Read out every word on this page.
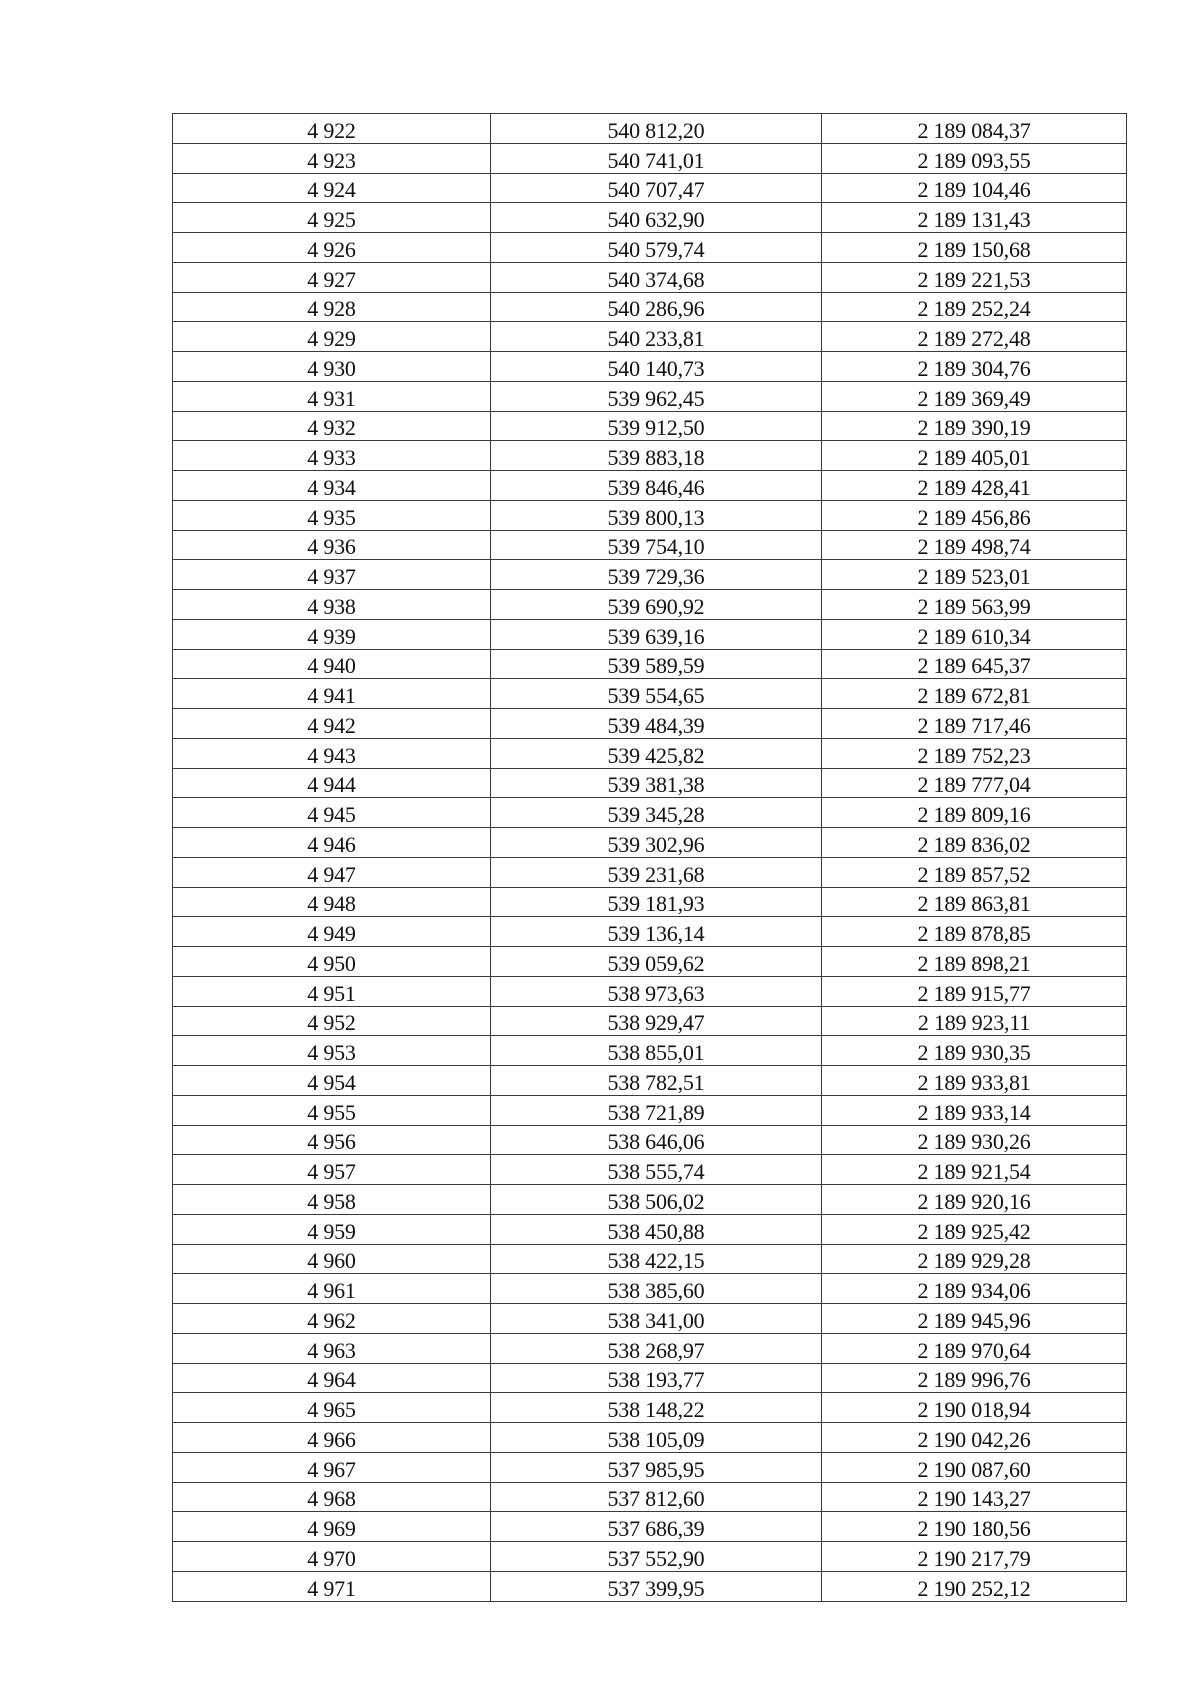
4 922	540 812,20	2 189 084,37
4 923	540 741,01	2 189 093,55
4 924	540 707,47	2 189 104,46
4 925	540 632,90	2 189 131,43
4 926	540 579,74	2 189 150,68
4 927	540 374,68	2 189 221,53
4 928	540 286,96	2 189 252,24
4 929	540 233,81	2 189 272,48
4 930	540 140,73	2 189 304,76
4 931	539 962,45	2 189 369,49
4 932	539 912,50	2 189 390,19
4 933	539 883,18	2 189 405,01
4 934	539 846,46	2 189 428,41
4 935	539 800,13	2 189 456,86
4 936	539 754,10	2 189 498,74
4 937	539 729,36	2 189 523,01
4 938	539 690,92	2 189 563,99
4 939	539 639,16	2 189 610,34
4 940	539 589,59	2 189 645,37
4 941	539 554,65	2 189 672,81
4 942	539 484,39	2 189 717,46
4 943	539 425,82	2 189 752,23
4 944	539 381,38	2 189 777,04
4 945	539 345,28	2 189 809,16
4 946	539 302,96	2 189 836,02
4 947	539 231,68	2 189 857,52
4 948	539 181,93	2 189 863,81
4 949	539 136,14	2 189 878,85
4 950	539 059,62	2 189 898,21
4 951	538 973,63	2 189 915,77
4 952	538 929,47	2 189 923,11
4 953	538 855,01	2 189 930,35
4 954	538 782,51	2 189 933,81
4 955	538 721,89	2 189 933,14
4 956	538 646,06	2 189 930,26
4 957	538 555,74	2 189 921,54
4 958	538 506,02	2 189 920,16
4 959	538 450,88	2 189 925,42
4 960	538 422,15	2 189 929,28
4 961	538 385,60	2 189 934,06
4 962	538 341,00	2 189 945,96
4 963	538 268,97	2 189 970,64
4 964	538 193,77	2 189 996,76
4 965	538 148,22	2 190 018,94
4 966	538 105,09	2 190 042,26
4 967	537 985,95	2 190 087,60
4 968	537 812,60	2 190 143,27
4 969	537 686,39	2 190 180,56
4 970	537 552,90	2 190 217,79
4 971	537 399,95	2 190 252,12
